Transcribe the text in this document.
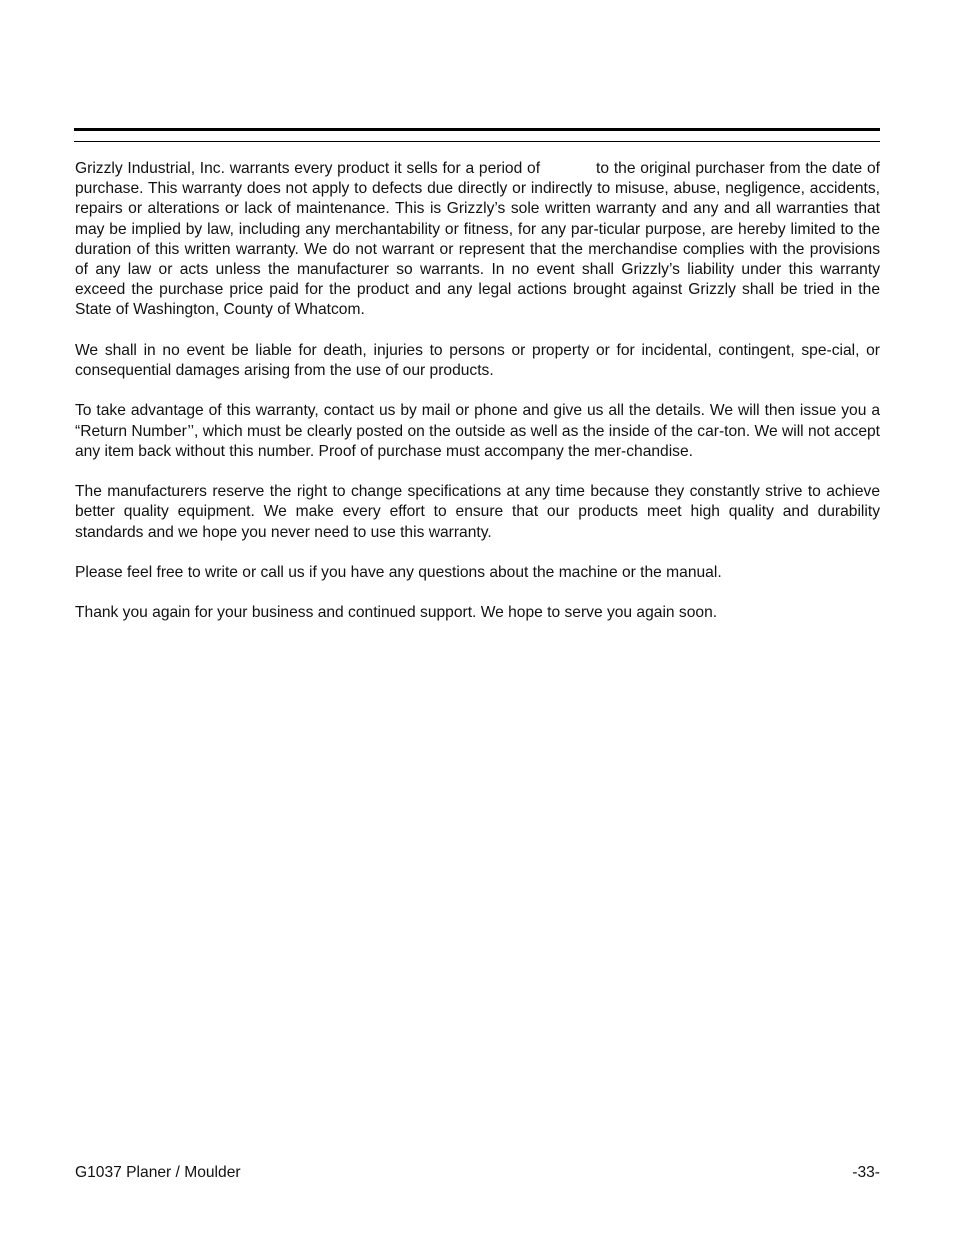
Grizzly Industrial, Inc. warrants every product it sells for a period of	to the original purchaser from the date of purchase. This warranty does not apply to defects due directly or indirectly to misuse, abuse, negligence, accidents, repairs or alterations or lack of maintenance. This is Grizzly’s sole written warranty and any and all warranties that may be implied by law, including any merchantability or fitness, for any par-ticular purpose, are hereby limited to the duration of this written warranty. We do not warrant or represent that the merchandise complies with the provisions of any law or acts unless the manufacturer so warrants. In no event shall Grizzly’s liability under this warranty exceed the purchase price paid for the product and any legal actions brought against Grizzly shall be tried in the State of Washington, County of Whatcom.

We shall in no event be liable for death, injuries to persons or property or for incidental, contingent, spe-cial, or consequential damages arising from the use of our products.

To take advantage of this warranty, contact us by mail or phone and give us all the details. We will then issue you a “Return Number’’, which must be clearly posted on the outside as well as the inside of the car-ton. We will not accept any item back without this number. Proof of purchase must accompany the mer-chandise.

The manufacturers reserve the right to change specifications at any time because they constantly strive to achieve better quality equipment. We make every effort to ensure that our products meet high quality and durability standards and we hope you never need to use this warranty.

Please feel free to write or call us if you have any questions about the machine or the manual.

Thank you again for your business and continued support. We hope to serve you again soon.

G1037 Planer / Moulder	-33-
